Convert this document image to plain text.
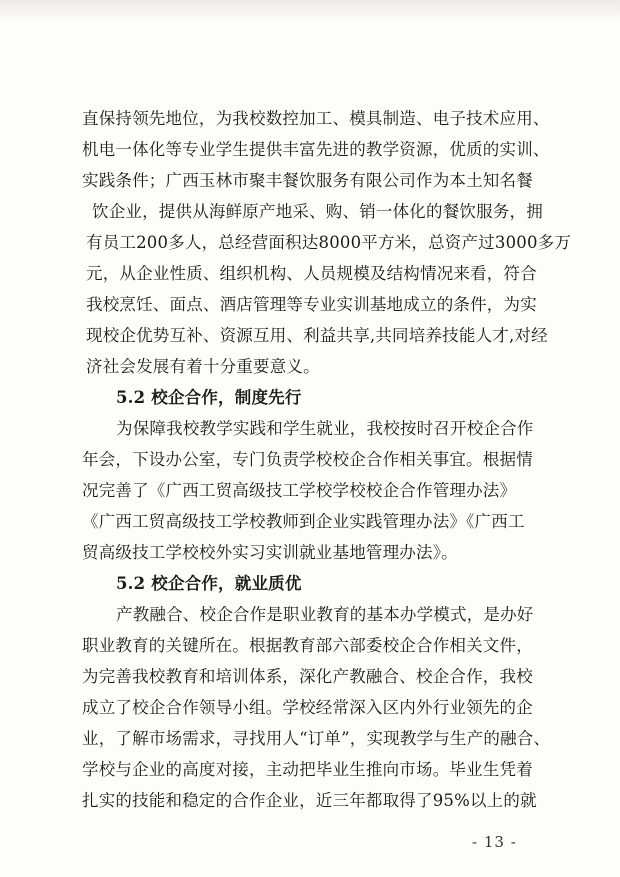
直保持领先地位，为我校数控加工、模具制造、电子技术应用、
机电一体化等专业学生提供丰富先进的教学资源，优质的实训、
实践条件；广西玉林市聚丰餐饮服务有限公司作为本土知名餐
饮企业，提供从海鲜原产地采、购、销一体化的餐饮服务，拥
有员工200多人，总经营面积达8000平方米，总资产过3000多万
元，从企业性质、组织机构、人员规模及结构情况来看，符合
我校烹饪、面点、酒店管理等专业实训基地成立的条件，为实
现校企优势互补、资源互用、利益共享,共同培养技能人才,对经
济社会发展有着十分重要意义。
5.2 校企合作，制度先行
为保障我校教学实践和学生就业，我校按时召开校企合作
年会，下设办公室，专门负责学校校企合作相关事宜。根据情
况完善了《广西工贸高级技工学校学校校企合作管理办法》
《广西工贸高级技工学校教师到企业实践管理办法》《广西工
贸高级技工学校校外实习实训就业基地管理办法》。
5.2 校企合作，就业质优
产教融合、校企合作是职业教育的基本办学模式，是办好
职业教育的关键所在。根据教育部六部委校企合作相关文件，
为完善我校教育和培训体系，深化产教融合、校企合作，我校
成立了校企合作领导小组。学校经常深入区内外行业领先的企
业，了解市场需求，寻找用人“订单”，实现教学与生产的融合、
学校与企业的高度对接，主动把毕业生推向市场。毕业生凭着
扎实的技能和稳定的合作企业，近三年都取得了95%以上的就
- 13 -
